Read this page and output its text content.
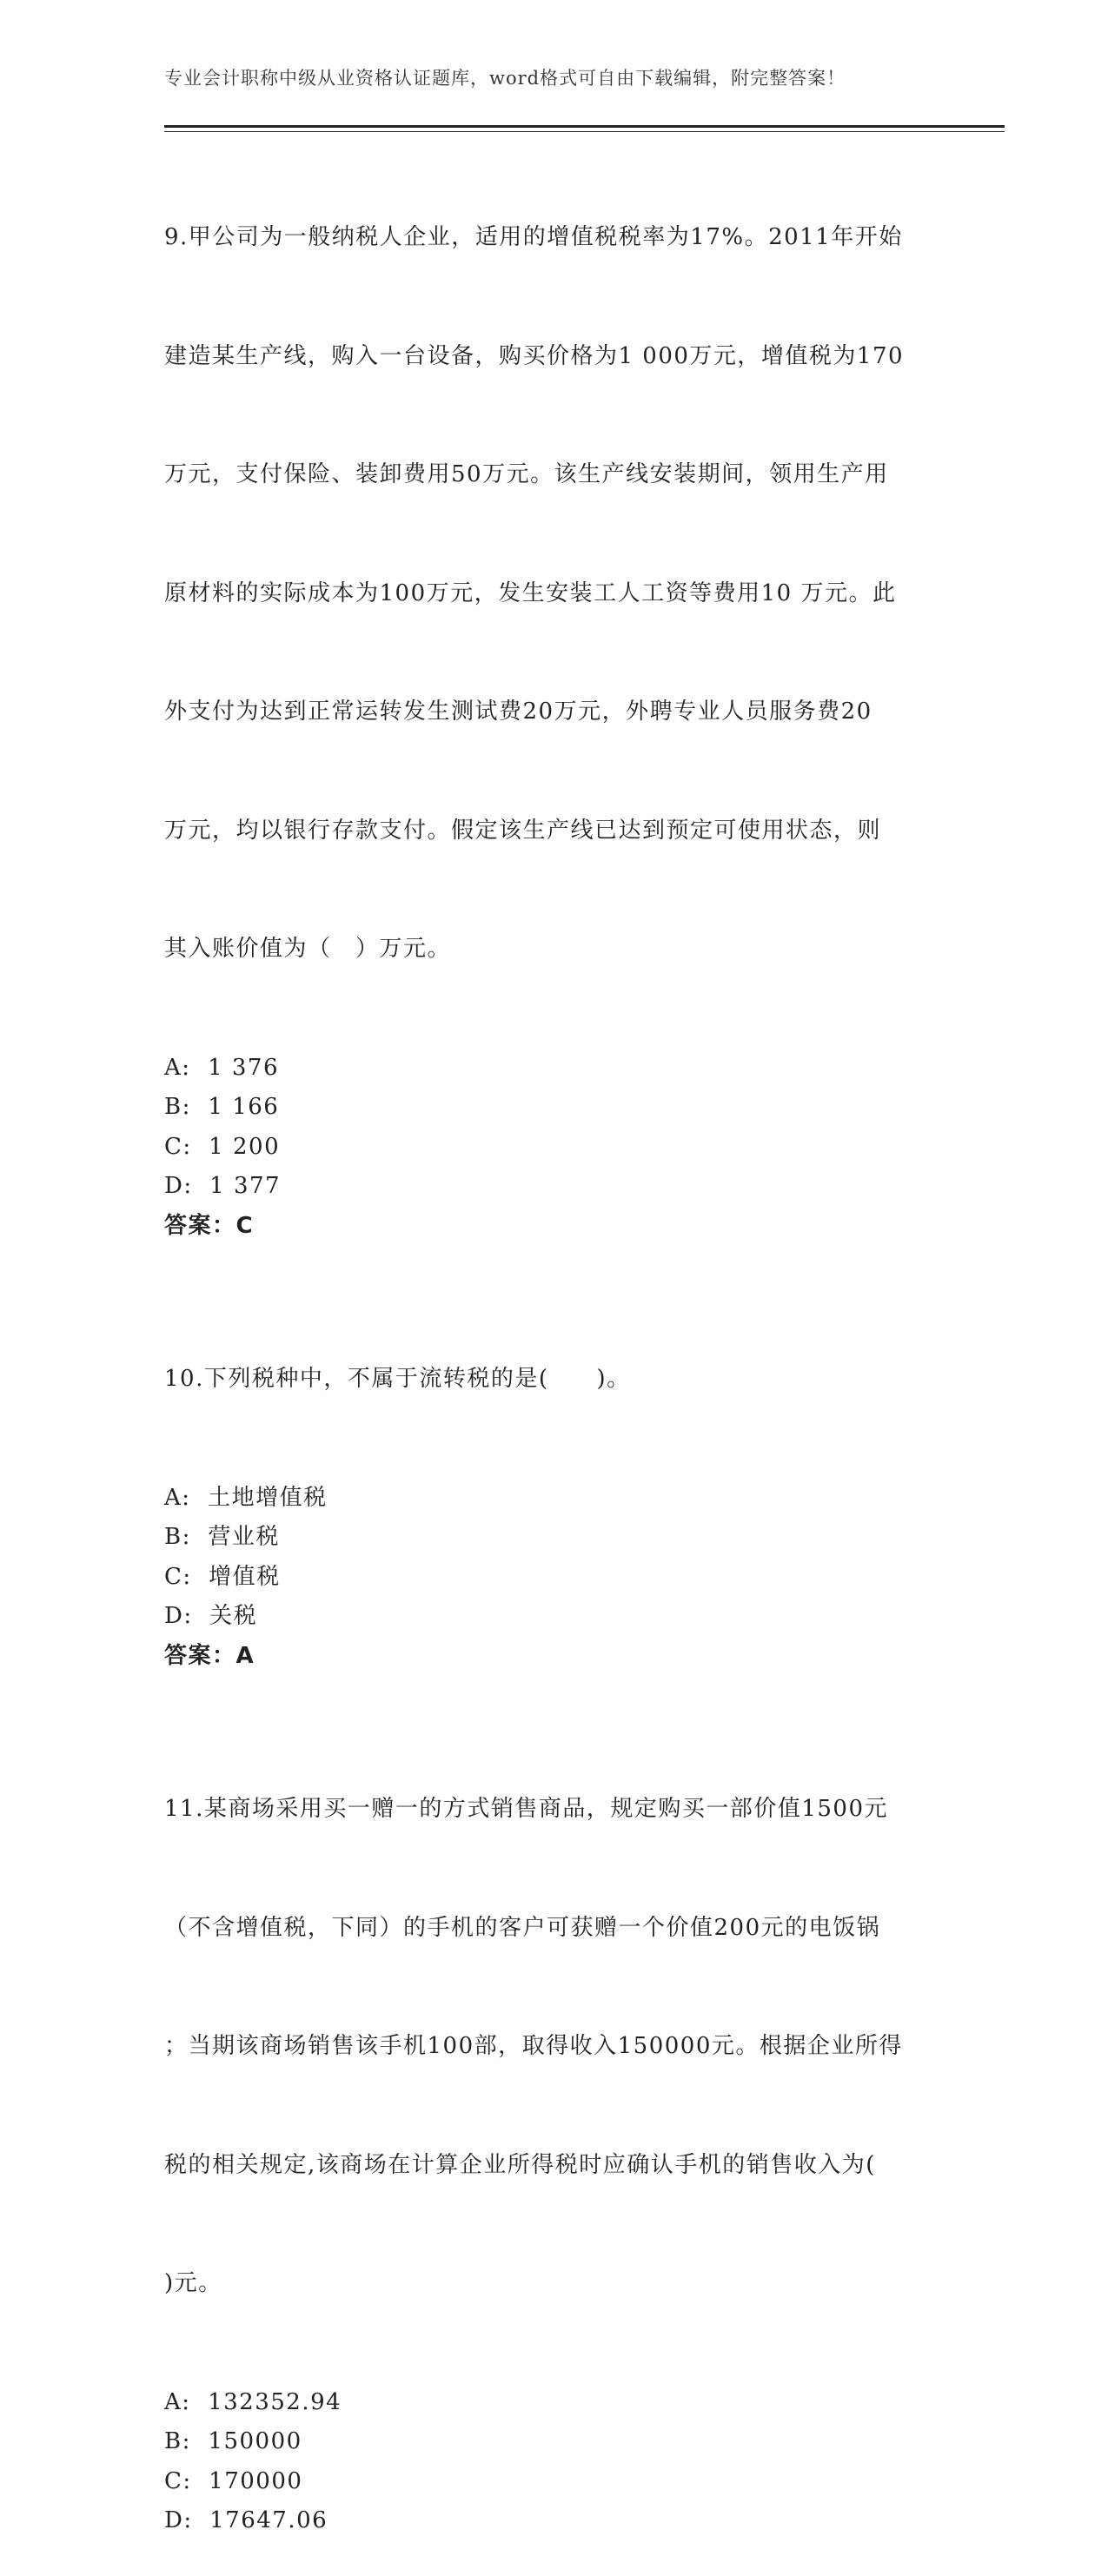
专业会计职称中级从业资格认证题库，word格式可自由下载编辑，附完整答案！

9.甲公司为一般纳税人企业，适用的增值税税率为17%。2011年开始

建造某生产线，购入一台设备，购买价格为1 000万元，增值税为170

万元，支付保险、装卸费用50万元。该生产线安装期间，领用生产用

原材料的实际成本为100万元，发生安装工人工资等费用10 万元。此

外支付为达到正常运转发生测试费20万元，外聘专业人员服务费20

万元，均以银行存款支付。假定该生产线已达到预定可使用状态，则

其入账价值为（　）万元。

A:  1 376
B:  1 166
C:  1 200
D:  1 377
答案：C

10.下列税种中，不属于流转税的是(　　)。

A:  土地增值税
B:  营业税
C:  增值税
D:  关税
答案：A

11.某商场采用买一赠一的方式销售商品，规定购买一部价值1500元

（不含增值税，下同）的手机的客户可获赠一个价值200元的电饭锅

；当期该商场销售该手机100部，取得收入150000元。根据企业所得

税的相关规定,该商场在计算企业所得税时应确认手机的销售收入为(

)元。

A:  132352.94
B:  150000
C:  170000
D:  17647.06
